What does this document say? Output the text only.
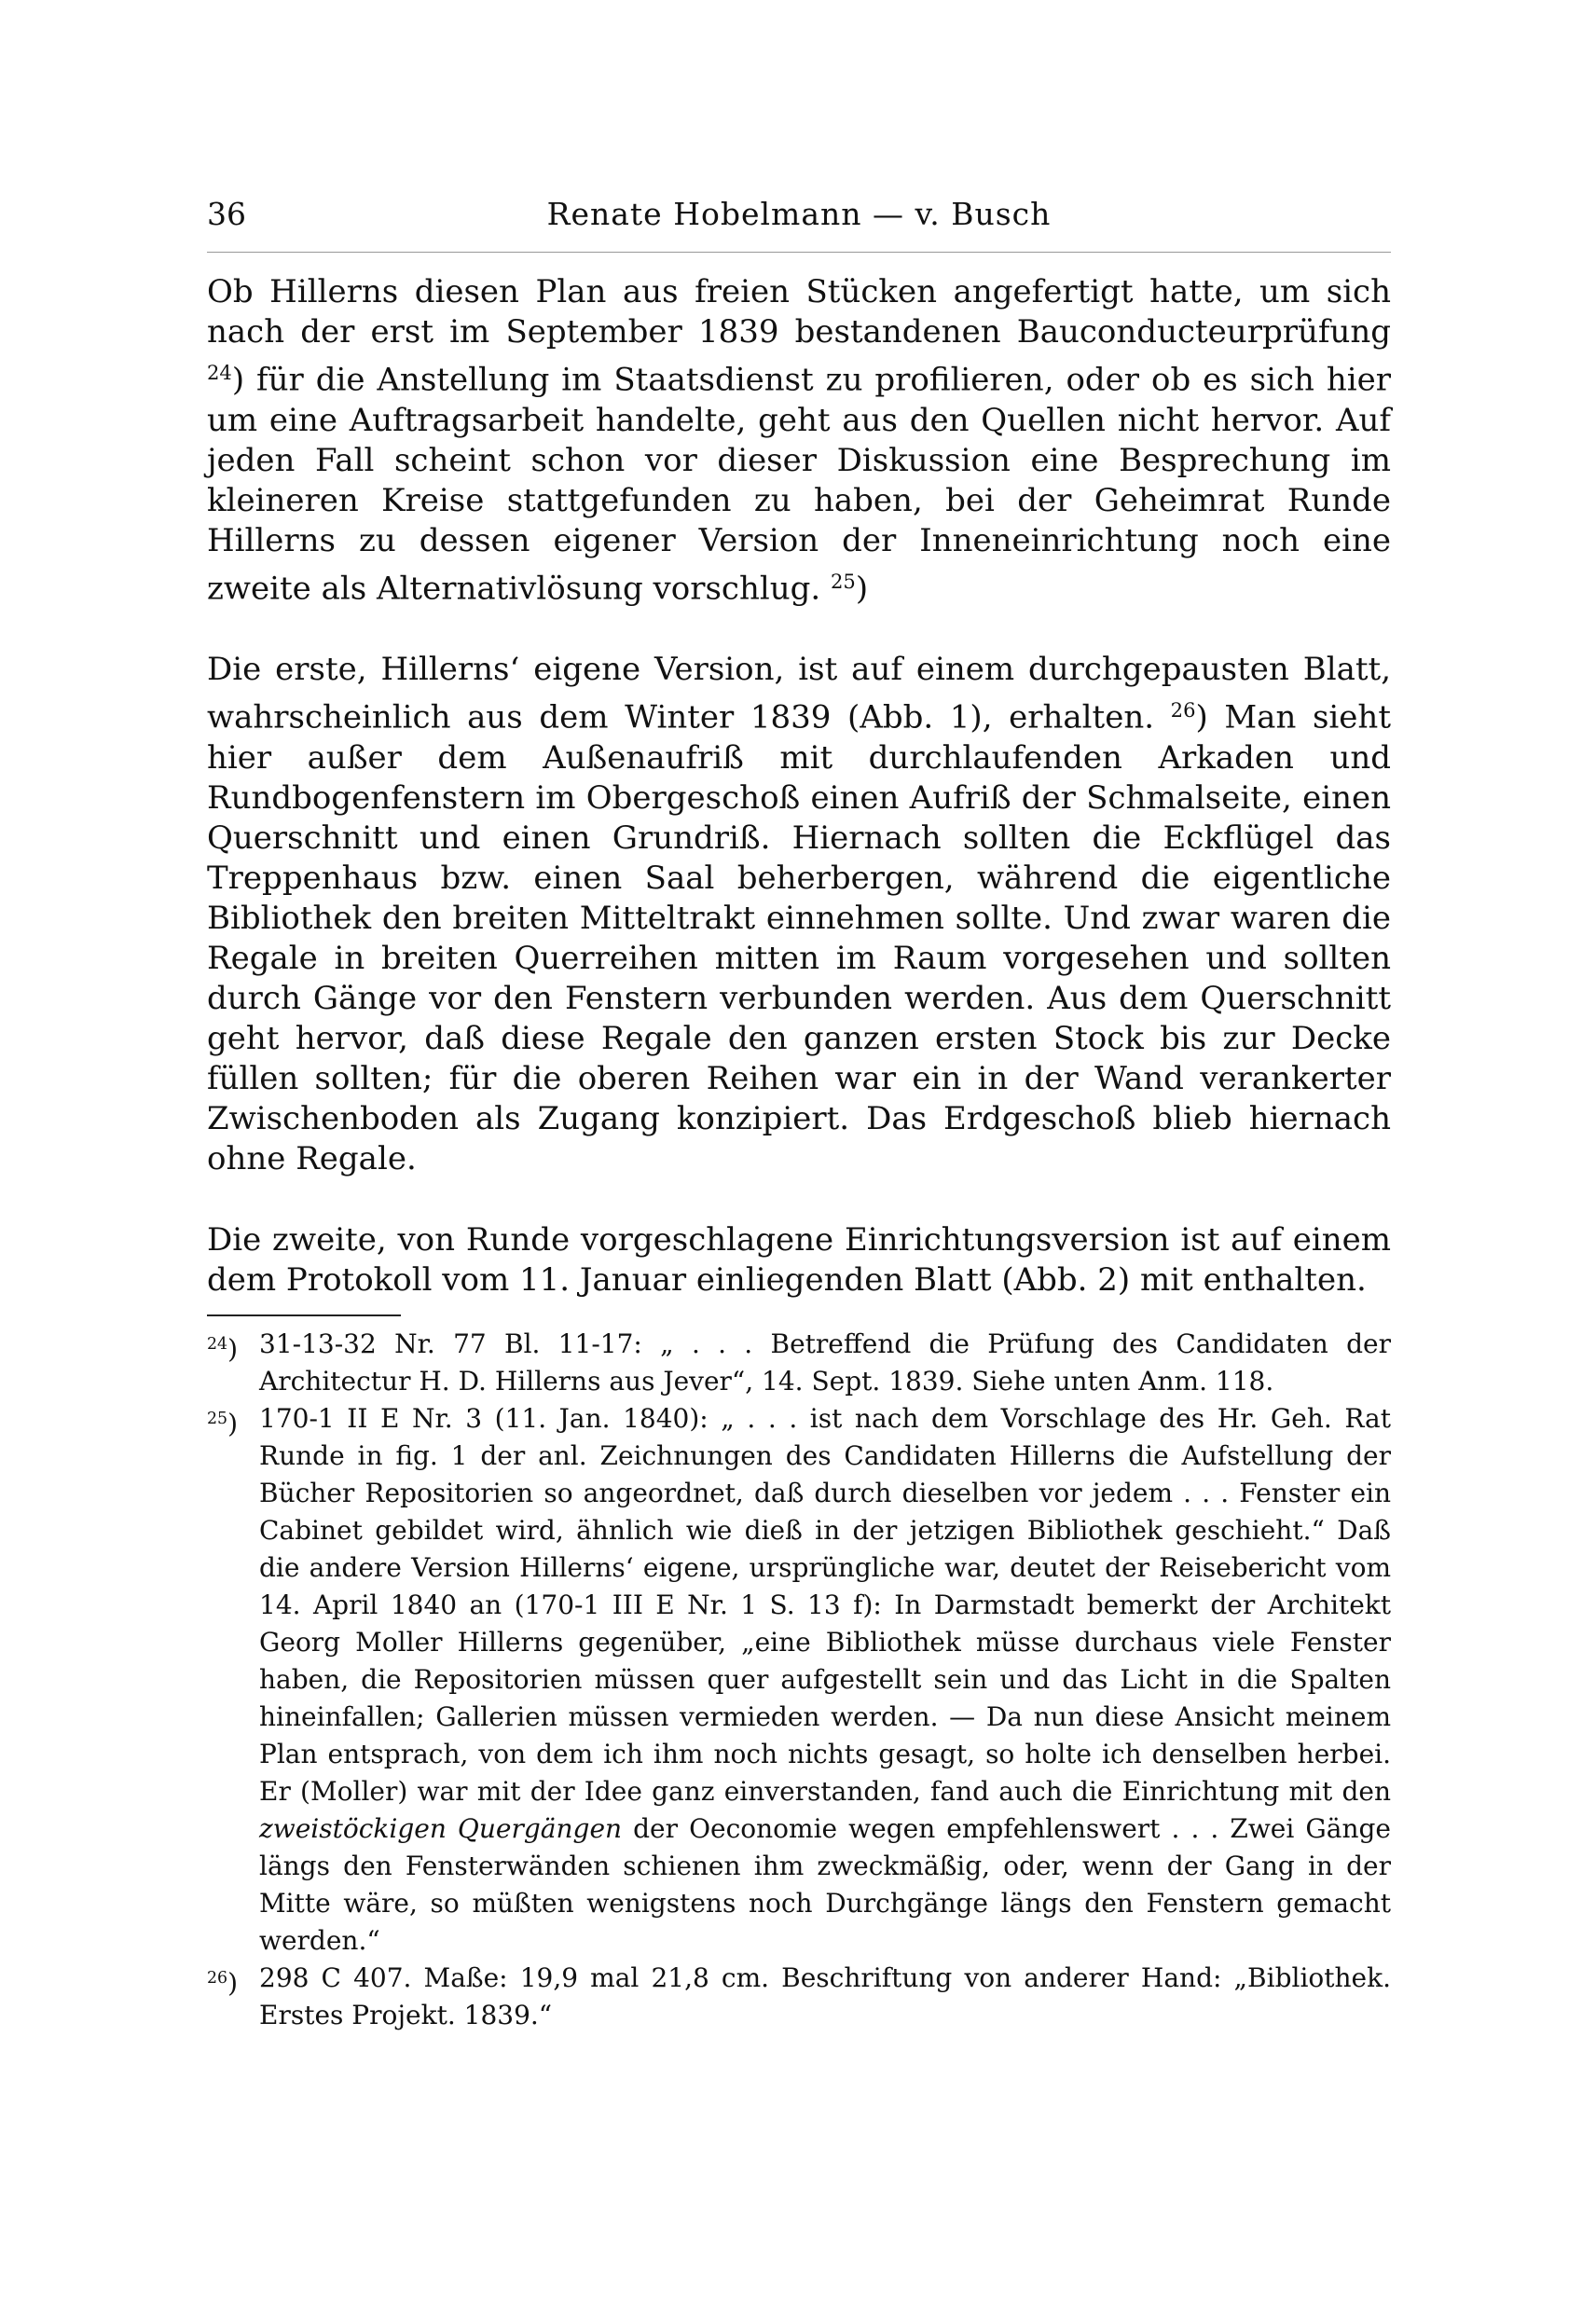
36	Renate Hobelmann — v. Busch

Ob Hillerns diesen Plan aus freien Stücken angefertigt hatte, um sich nach der erst im September 1839 bestandenen Bauconducteurprüfung $^{24}$) für die Anstellung im Staatsdienst zu profilieren, oder ob es sich hier um eine Auftragsarbeit handelte, geht aus den Quellen nicht hervor. Auf jeden Fall scheint schon vor dieser Diskussion eine Besprechung im kleineren Kreise stattgefunden zu haben, bei der Geheimrat Runde Hillerns zu dessen eigener Version der Inneneinrichtung noch eine zweite als Alternativlösung vorschlug. $^{25}$)

Die erste, Hillerns‘ eigene Version, ist auf einem durchgepausten Blatt, wahrscheinlich aus dem Winter 1839 (Abb. 1), erhalten. $^{26}$) Man sieht hier außer dem Außenaufriß mit durchlaufenden Arkaden und Rundbogenfenstern im Obergeschoß einen Aufriß der Schmalseite, einen Querschnitt und einen Grundriß. Hiernach sollten die Eckflügel das Treppenhaus bzw. einen Saal beherbergen, während die eigentliche Bibliothek den breiten Mitteltrakt einnehmen sollte. Und zwar waren die Regale in breiten Querreihen mitten im Raum vorgesehen und sollten durch Gänge vor den Fenstern verbunden werden. Aus dem Querschnitt geht hervor, daß diese Regale den ganzen ersten Stock bis zur Decke füllen sollten; für die oberen Reihen war ein in der Wand verankerter Zwischenboden als Zugang konzipiert. Das Erdgeschoß blieb hiernach ohne Regale.

Die zweite, von Runde vorgeschlagene Einrichtungsversion ist auf einem dem Protokoll vom 11. Januar einliegenden Blatt (Abb. 2) mit enthalten.

$^{24}$) 31-13-32 Nr. 77 Bl. 11-17: „ . . . Betreffend die Prüfung des Candidaten der Architectur H. D. Hillerns aus Jever“, 14. Sept. 1839. Siehe unten Anm. 118.

$^{25}$) 170-1 II E Nr. 3 (11. Jan. 1840): „ . . . ist nach dem Vorschlage des Hr. Geh. Rat Runde in fig. 1 der anl. Zeichnungen des Candidaten Hillerns die Aufstellung der Bücher Repositorien so angeordnet, daß durch dieselben vor jedem . . . Fenster ein Cabinet gebildet wird, ähnlich wie dieß in der jetzigen Bibliothek geschieht.“ Daß die andere Version Hillerns‘ eigene, ursprüngliche war, deutet der Reisebericht vom 14. April 1840 an (170-1 III E Nr. 1 S. 13 f): In Darmstadt bemerkt der Architekt Georg Moller Hillerns gegenüber, „eine Bibliothek müsse durchaus viele Fenster haben, die Repositorien müssen quer aufgestellt sein und das Licht in die Spalten hineinfallen; Gallerien müssen vermieden werden. — Da nun diese Ansicht meinem Plan entsprach, von dem ich ihm noch nichts gesagt, so holte ich denselben herbei. Er (Moller) war mit der Idee ganz einverstanden, fand auch die Einrichtung mit den zweistöckigen Quergängen der Oeconomie wegen empfehlenswert . . . Zwei Gänge längs den Fensterwänden schienen ihm zweckmäßig, oder, wenn der Gang in der Mitte wäre, so müßten wenigstens noch Durchgänge längs den Fenstern gemacht werden.“

$^{26}$) 298 C 407. Maße: 19,9 mal 21,8 cm. Beschriftung von anderer Hand: „Bibliothek. Erstes Projekt. 1839.“
